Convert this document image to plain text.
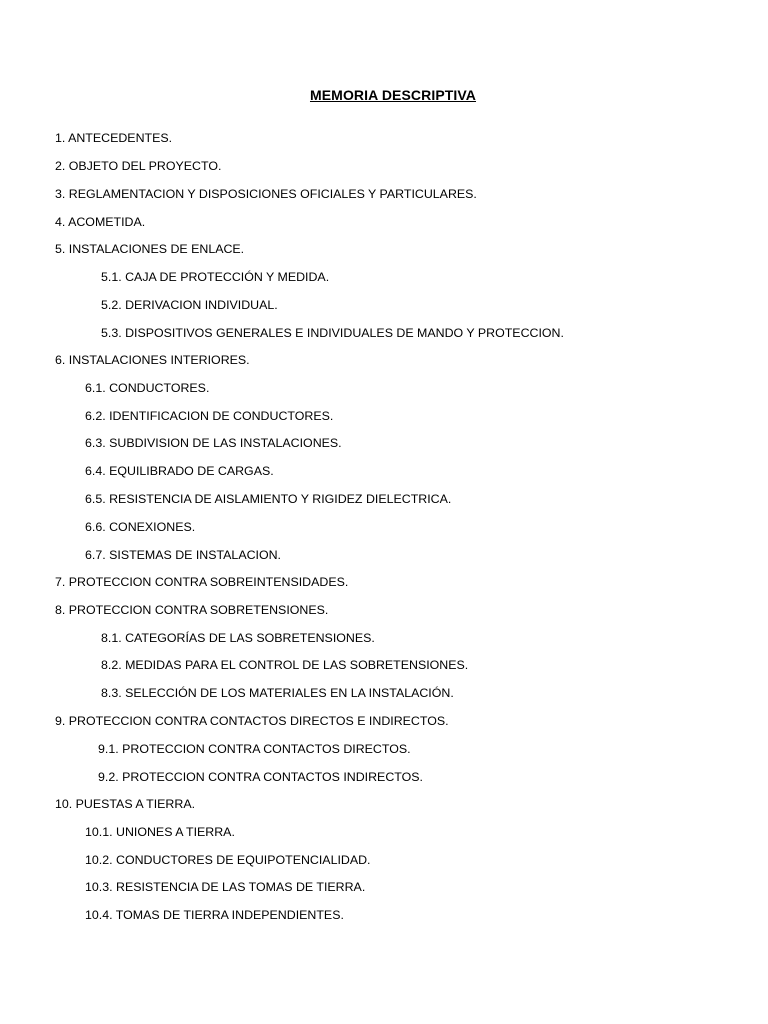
MEMORIA DESCRIPTIVA
1. ANTECEDENTES.
2. OBJETO DEL PROYECTO.
3. REGLAMENTACION Y DISPOSICIONES OFICIALES Y PARTICULARES.
4. ACOMETIDA.
5. INSTALACIONES DE ENLACE.
5.1. CAJA DE PROTECCIÓN Y MEDIDA.
5.2. DERIVACION INDIVIDUAL.
5.3. DISPOSITIVOS GENERALES E INDIVIDUALES DE MANDO Y PROTECCION.
6. INSTALACIONES INTERIORES.
6.1. CONDUCTORES.
6.2. IDENTIFICACION DE CONDUCTORES.
6.3. SUBDIVISION DE LAS INSTALACIONES.
6.4. EQUILIBRADO DE CARGAS.
6.5. RESISTENCIA DE AISLAMIENTO Y RIGIDEZ DIELECTRICA.
6.6. CONEXIONES.
6.7. SISTEMAS DE INSTALACION.
7. PROTECCION CONTRA SOBREINTENSIDADES.
8. PROTECCION CONTRA SOBRETENSIONES.
8.1. CATEGORÍAS DE LAS SOBRETENSIONES.
8.2. MEDIDAS PARA EL CONTROL DE LAS SOBRETENSIONES.
8.3. SELECCIÓN DE LOS MATERIALES EN LA INSTALACIÓN.
9. PROTECCION CONTRA CONTACTOS DIRECTOS E INDIRECTOS.
9.1. PROTECCION CONTRA CONTACTOS DIRECTOS.
9.2. PROTECCION CONTRA CONTACTOS INDIRECTOS.
10. PUESTAS A TIERRA.
10.1. UNIONES A TIERRA.
10.2. CONDUCTORES DE EQUIPOTENCIALIDAD.
10.3. RESISTENCIA DE LAS TOMAS DE TIERRA.
10.4. TOMAS DE TIERRA INDEPENDIENTES.
